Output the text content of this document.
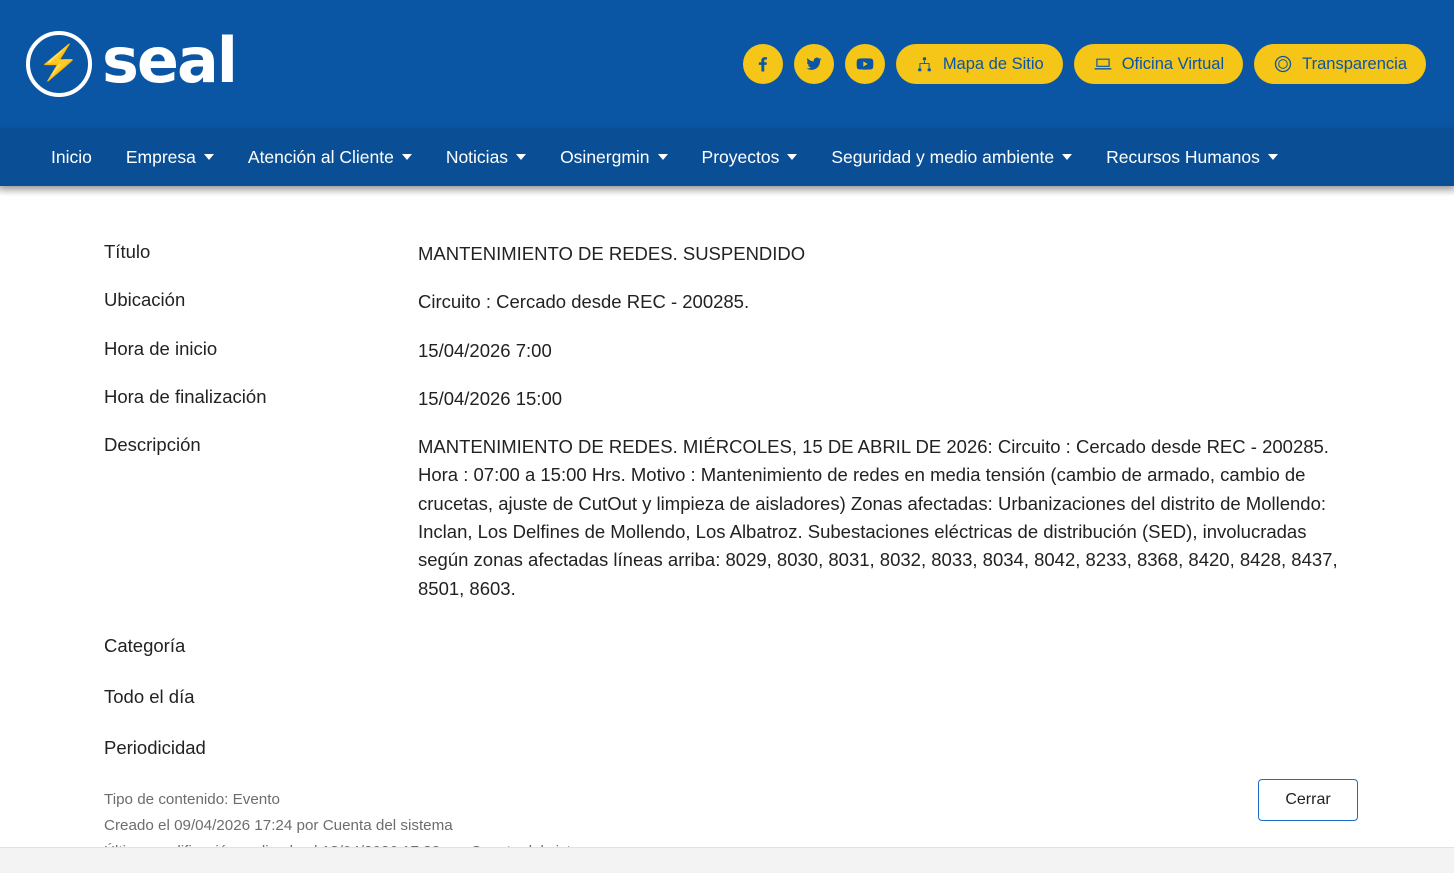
⚡ seal	Mapa de Sitio	Oficina Virtual	Transparencia
Inicio Empresa	Atención al Cliente	Noticias	Osinergmin	Proyectos	Seguridad y medio ambiente	Recursos Humanos
Título	MANTENIMIENTO DE REDES. SUSPENDIDO
Ubicación	Circuito : Cercado desde REC - 200285.
Hora de inicio	15/04/2026 7:00
Hora de finalización	15/04/2026 15:00
Descripción	MANTENIMIENTO DE REDES. MIÉRCOLES, 15 DE ABRIL DE 2026: Circuito : Cercado desde REC - 200285. Hora : 07:00 a 15:00 Hrs. Motivo : Mantenimiento de redes en media tensión (cambio de armado, cambio de crucetas, ajuste de CutOut y limpieza de aisladores) Zonas afectadas: Urbanizaciones del distrito de Mollendo: Inclan, Los Delfines de Mollendo, Los Albatroz. Subestaciones eléctricas de distribución (SED), involucradas según zonas afectadas líneas arriba: 8029, 8030, 8031, 8032, 8033, 8034, 8042, 8233, 8368, 8420, 8428, 8437, 8501, 8603.
Categoría
Todo el día
Periodicidad
Tipo de contenido: Evento
Creado el 09/04/2026 17:24 por Cuenta del sistema
Cerrar
